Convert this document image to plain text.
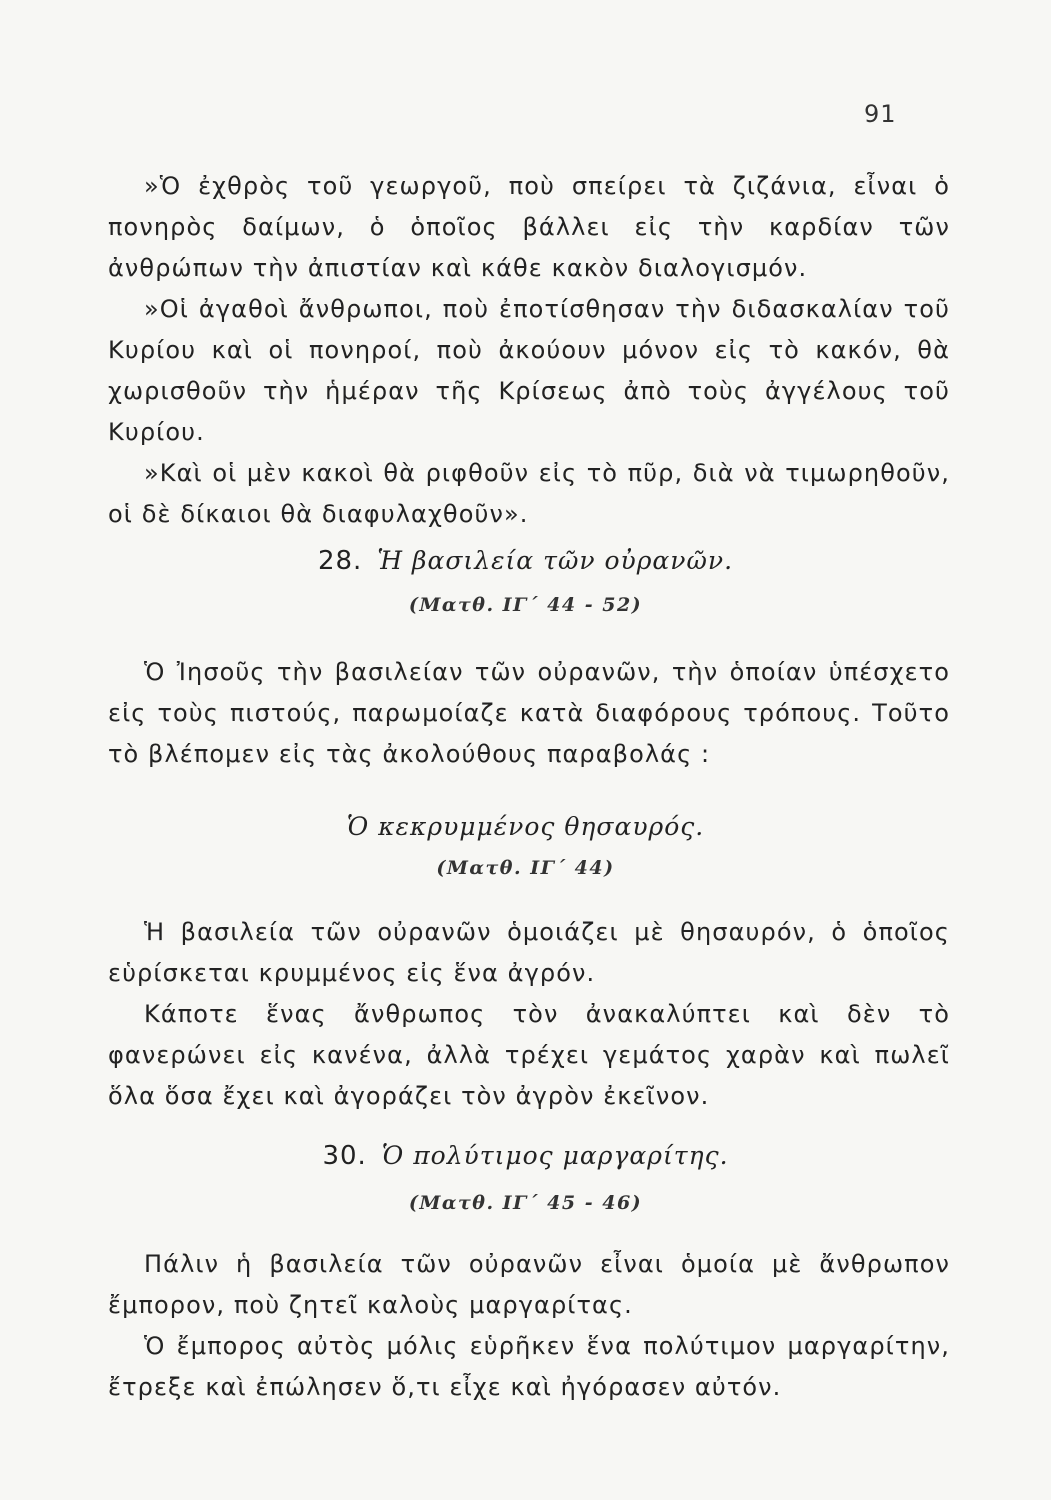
91

»Ὁ ἐχθρὸς τοῦ γεωργοῦ, ποὺ σπείρει τὰ ζιζάνια, εἶναι ὁ πονηρὸς δαίμων, ὁ ὁποῖος βάλλει εἰς τὴν καρδίαν τῶν ἀνθρώπων τὴν ἀπιστίαν καὶ κάθε κακὸν διαλογισμόν.

»Οἱ ἀγαθοὶ ἄνθρωποι, ποὺ ἐποτίσθησαν τὴν διδασκαλίαν τοῦ Κυρίου καὶ οἱ πονηροί, ποὺ ἀκούουν μόνον εἰς τὸ κακόν, θὰ χωρισθοῦν τὴν ἡμέραν τῆς Κρίσεως ἀπὸ τοὺς ἀγγέλους τοῦ Κυρίου.

»Καὶ οἱ μὲν κακοὶ θὰ ριφθοῦν εἰς τὸ πῦρ, διὰ νὰ τιμωρηθοῦν, οἱ δὲ δίκαιοι θὰ διαφυλαχθοῦν».

28. Ἡ βασιλεία τῶν οὐρανῶν.
(Ματθ. ΙΓ΄ 44 - 52)

Ὁ Ἰησοῦς τὴν βασιλείαν τῶν οὐρανῶν, τὴν ὁποίαν ὑπέσχετο εἰς τοὺς πιστούς, παρωμοίαζε κατὰ διαφόρους τρόπους. Τοῦτο τὸ βλέπομεν εἰς τὰς ἀκολούθους παραβολάς :

Ὁ κεκρυμμένος θησαυρός.
(Ματθ. ΙΓ΄ 44)

Ἡ βασιλεία τῶν οὐρανῶν ὁμοιάζει μὲ θησαυρόν, ὁ ὁποῖος εὑρίσκεται κρυμμένος εἰς ἕνα ἀγρόν.

Κάποτε ἕνας ἄνθρωπος τὸν ἀνακαλύπτει καὶ δὲν τὸ φανερώνει εἰς κανένα, ἀλλὰ τρέχει γεμάτος χαρὰν καὶ πωλεῖ ὅλα ὅσα ἔχει καὶ ἀγοράζει τὸν ἀγρὸν ἐκεῖνον.

30. Ὁ πολύτιμος μαργαρίτης.
(Ματθ. ΙΓ΄ 45 - 46)

Πάλιν ἡ βασιλεία τῶν οὐρανῶν εἶναι ὁμοία μὲ ἄνθρωπον ἔμπορον, ποὺ ζητεῖ καλοὺς μαργαρίτας.

Ὁ ἔμπορος αὐτὸς μόλις εὑρῆκεν ἕνα πολύτιμον μαργαρίτην, ἔτρεξε καὶ ἐπώλησεν ὅ,τι εἶχε καὶ ἠγόρασεν αὐτόν.
